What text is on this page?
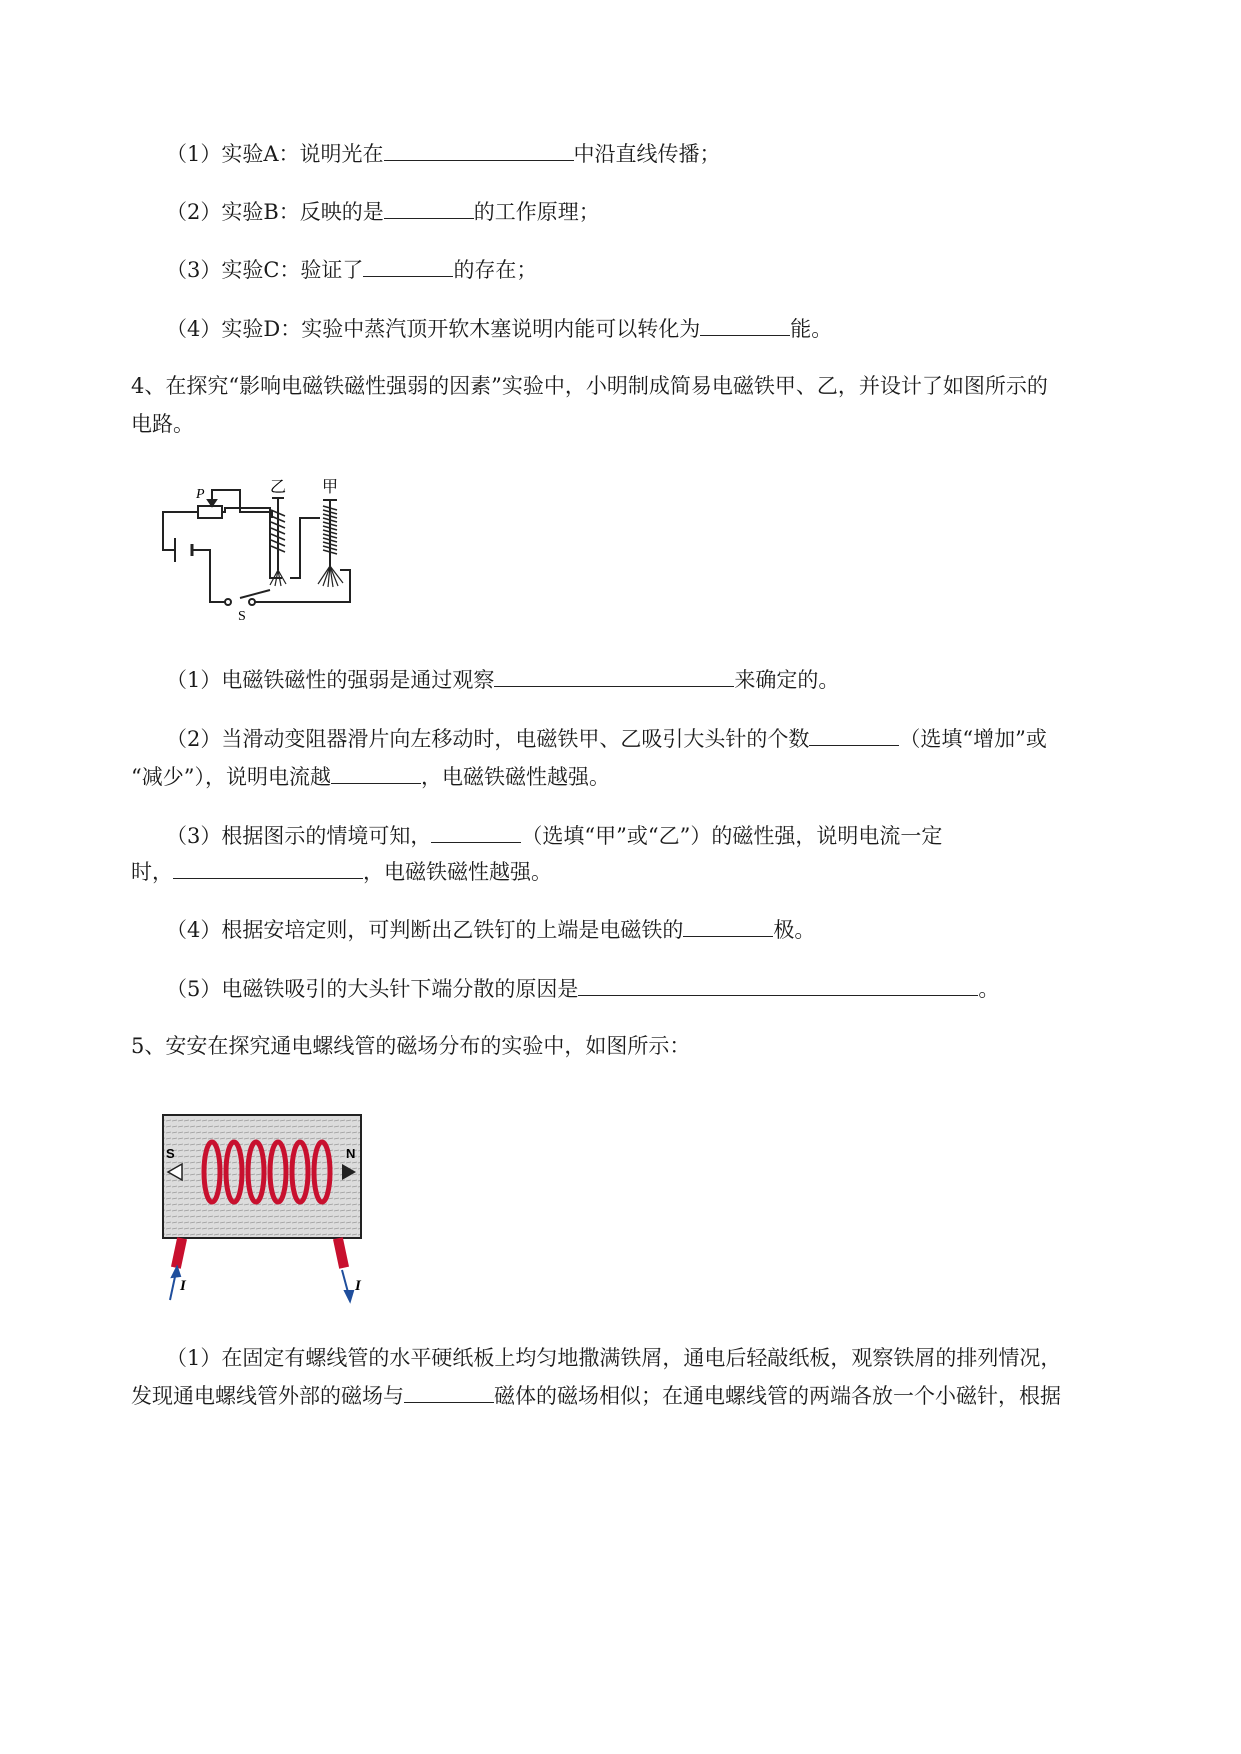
（1）实验A：说明光在	中沿直线传播；
（2）实验B：反映的是	的工作原理；
（3）实验C：验证了	的存在；
（4）实验D：实验中蒸汽顶开软木塞说明内能可以转化为	能。
4、在探究“影响电磁铁磁性强弱的因素”实验中，小明制成简易电磁铁甲、乙，并设计了如图所示的
电路。
P	乙 甲
S
（1）电磁铁磁性的强弱是通过观察	来确定的。
（2）当滑动变阻器滑片向左移动时，电磁铁甲、乙吸引大头针的个数	（选填“增加”或
“减少”），说明电流越	，电磁铁磁性越强。
（3）根据图示的情境可知，	（选填“甲”或“乙”）的磁性强，说明电流一定
时，	，电磁铁磁性越强。
（4）根据安培定则，可判断出乙铁钉的上端是电磁铁的	极。
（5）电磁铁吸引的大头针下端分散的原因是	。
5、安安在探究通电螺线管的磁场分布的实验中，如图所示：
S	N
I	I
（1）在固定有螺线管的水平硬纸板上均匀地撒满铁屑，通电后轻敲纸板，观察铁屑的排列情况，
发现通电螺线管外部的磁场与	磁体的磁场相似；在通电螺线管的两端各放一个小磁针，根据
